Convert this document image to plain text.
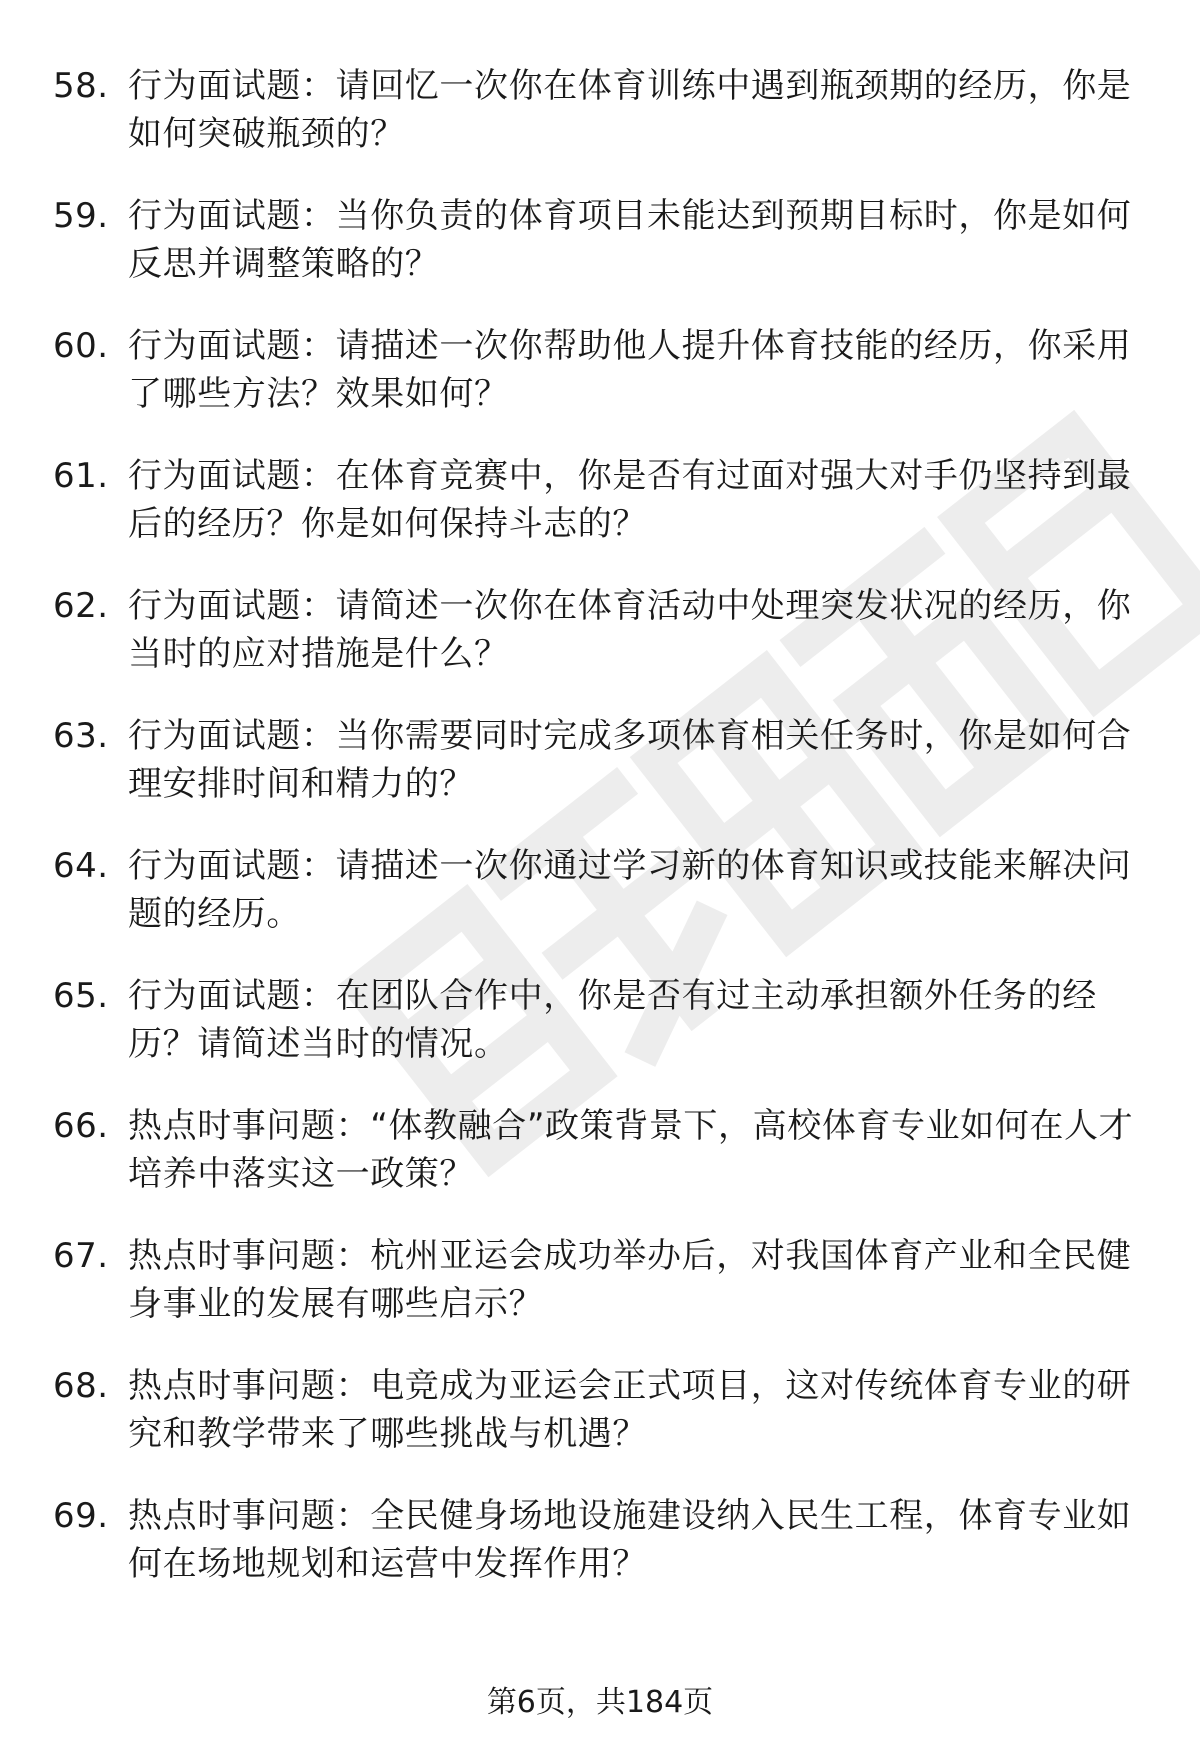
58. 行为面试题：请回忆一次你在体育训练中遇到瓶颈期的经历，你是如何突破瓶颈的？
59. 行为面试题：当你负责的体育项目未能达到预期目标时，你是如何反思并调整策略的？
60. 行为面试题：请描述一次你帮助他人提升体育技能的经历，你采用了哪些方法？效果如何？
61. 行为面试题：在体育竞赛中，你是否有过面对强大对手仍坚持到最后的经历？你是如何保持斗志的？
62. 行为面试题：请简述一次你在体育活动中处理突发状况的经历，你当时的应对措施是什么？
63. 行为面试题：当你需要同时完成多项体育相关任务时，你是如何合理安排时间和精力的？
64. 行为面试题：请描述一次你通过学习新的体育知识或技能来解决问题的经历。
65. 行为面试题：在团队合作中，你是否有过主动承担额外任务的经历？请简述当时的情况。
66. 热点时事问题：“体教融合”政策背景下，高校体育专业如何在人才培养中落实这一政策？
67. 热点时事问题：杭州亚运会成功举办后，对我国体育产业和全民健身事业的发展有哪些启示？
68. 热点时事问题：电竞成为亚运会正式项目，这对传统体育专业的研究和教学带来了哪些挑战与机遇？
69. 热点时事问题：全民健身场地设施建设纳入民生工程，体育专业如何在场地规划和运营中发挥作用？
第6页，共184页
